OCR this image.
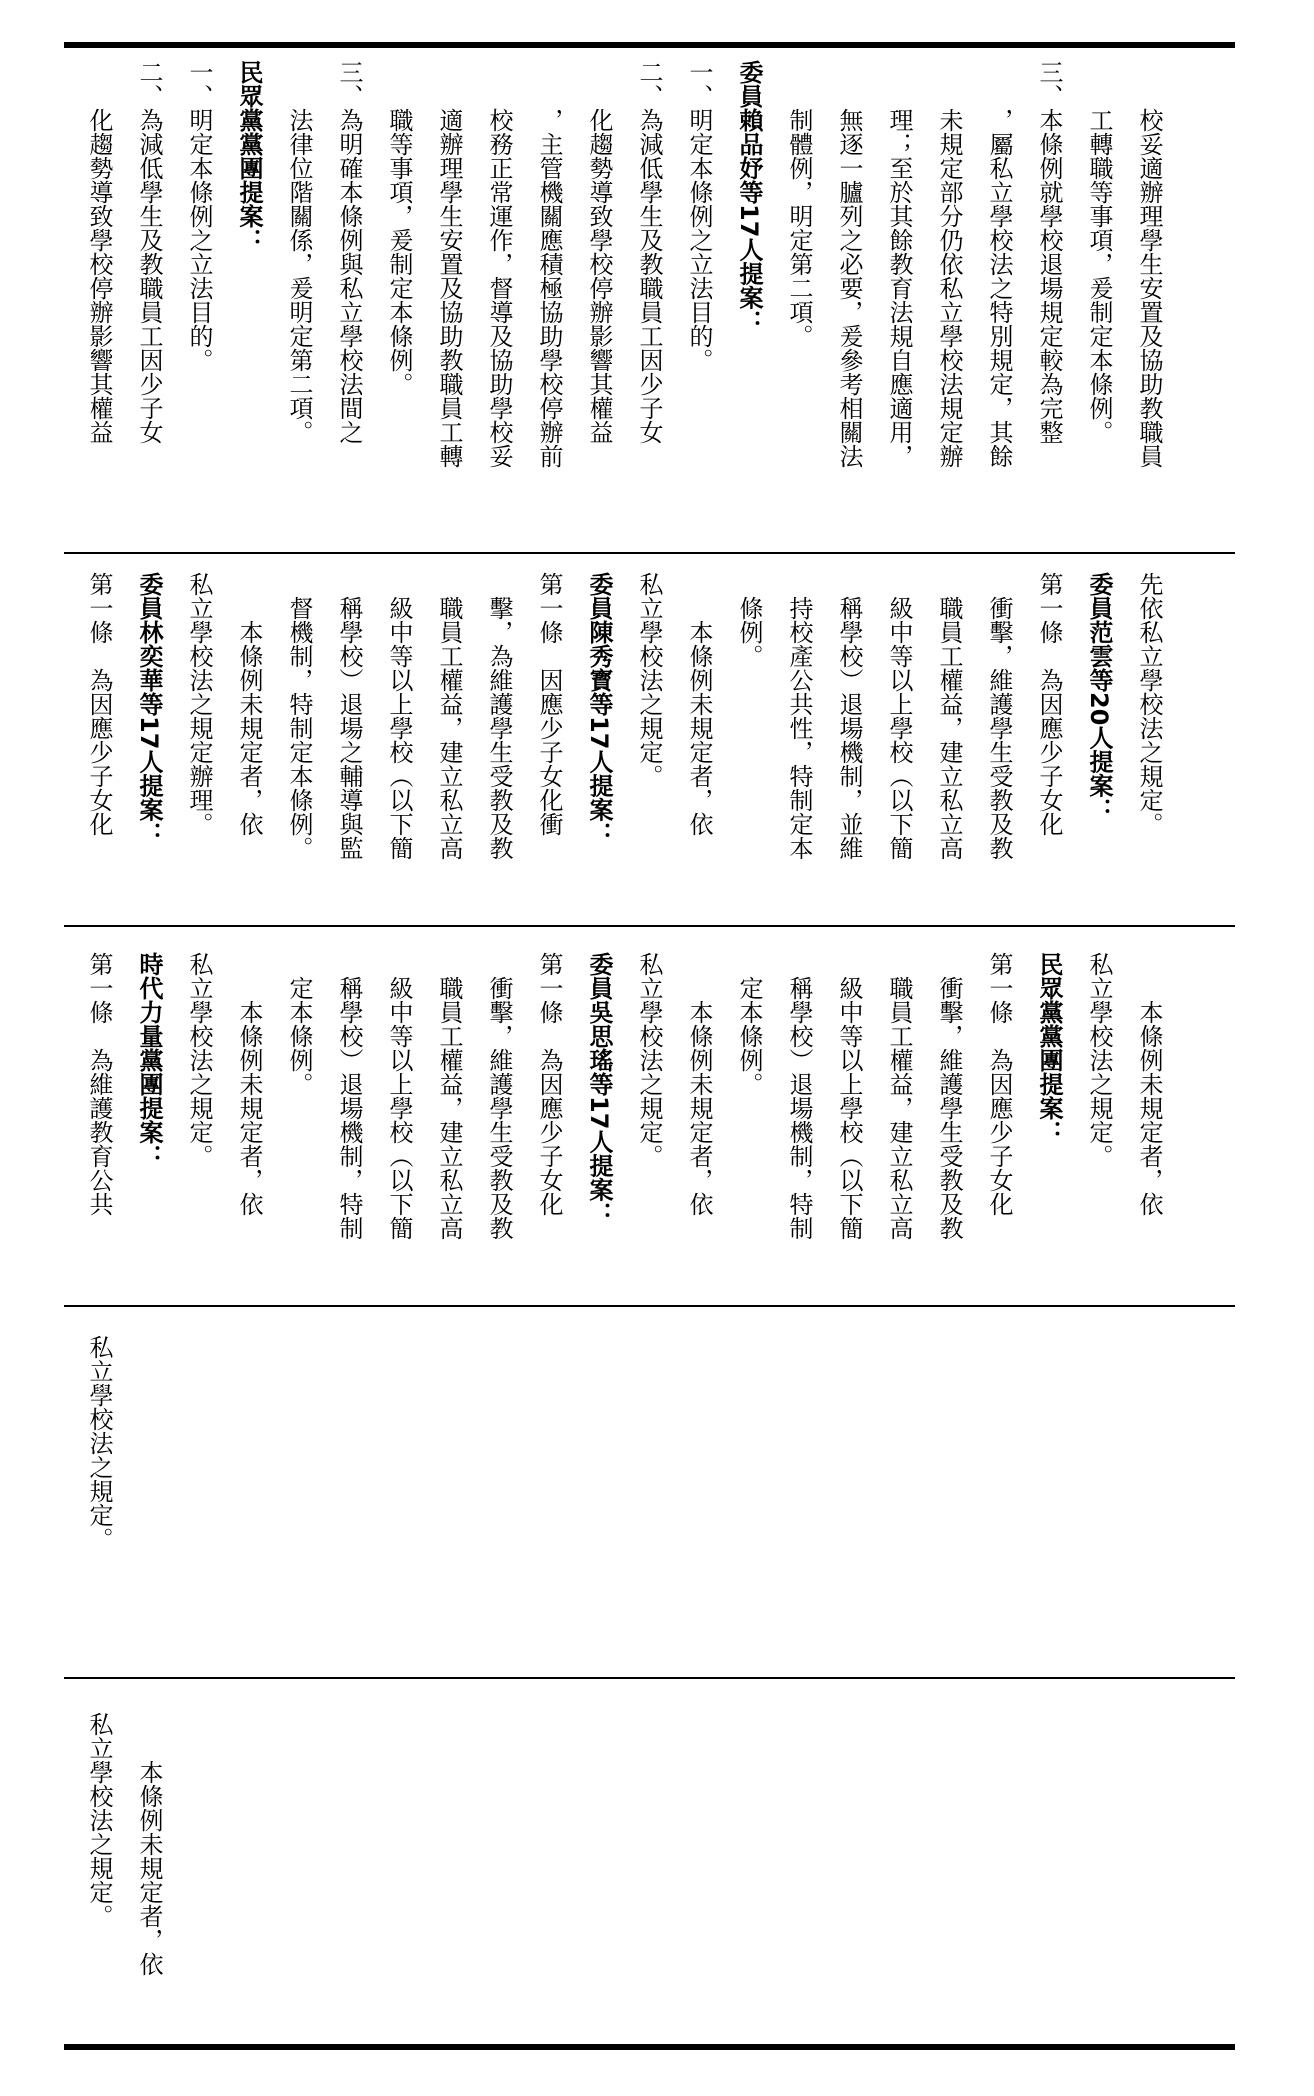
本條例未規定者，依
私立學校法之規定。
私立學校法之規定。
本條例未規定者，依
私立學校法之規定。
民眾黨黨團提案：
第一條　為因應少子女化
衝擊，維護學生受教及教
職員工權益，建立私立高
級中等以上學校（以下簡
稱學校）退場機制，特制
定本條例。
本條例未規定者，依
私立學校法之規定。
委員吳思瑤等17人提案：
第一條　為因應少子女化
衝擊，維護學生受教及教
職員工權益，建立私立高
級中等以上學校（以下簡
稱學校）退場機制，特制
定本條例。
本條例未規定者，依
私立學校法之規定。
時代力量黨團提案：
第一條　為維護教育公共
先依私立學校法之規定。
委員范雲等20人提案：
第一條　為因應少子女化
衝擊，維護學生受教及教
職員工權益，建立私立高
級中等以上學校（以下簡
稱學校）退場機制，並維
持校產公共性，特制定本
條例。
本條例未規定者，依
私立學校法之規定。
委員陳秀寳等17人提案：
第一條　因應少子女化衝
擊，為維護學生受教及教
職員工權益，建立私立高
級中等以上學校（以下簡
稱學校）退場之輔導與監
督機制，特制定本條例。
本條例未規定者，依
私立學校法之規定辦理。
委員林奕華等17人提案：
第一條　為因應少子女化
校妥適辦理學生安置及協助教職員
工轉職等事項，爰制定本條例。
三、本條例就學校退場規定較為完整
，屬私立學校法之特別規定，其餘
未規定部分仍依私立學校法規定辦
理；至於其餘教育法規自應適用，
無逐一臚列之必要，爰參考相關法
制體例，明定第二項。
委員賴品妤等17人提案：
一、明定本條例之立法目的。
二、為減低學生及教職員工因少子女
化趨勢導致學校停辦影響其權益
，主管機關應積極協助學校停辦前
校務正常運作，督導及協助學校妥
適辦理學生安置及協助教職員工轉
職等事項，爰制定本條例。
三、為明確本條例與私立學校法間之
法律位階關係，爰明定第二項。
民眾黨黨團提案：
一、明定本條例之立法目的。
二、為減低學生及教職員工因少子女
化趨勢導致學校停辦影響其權益
